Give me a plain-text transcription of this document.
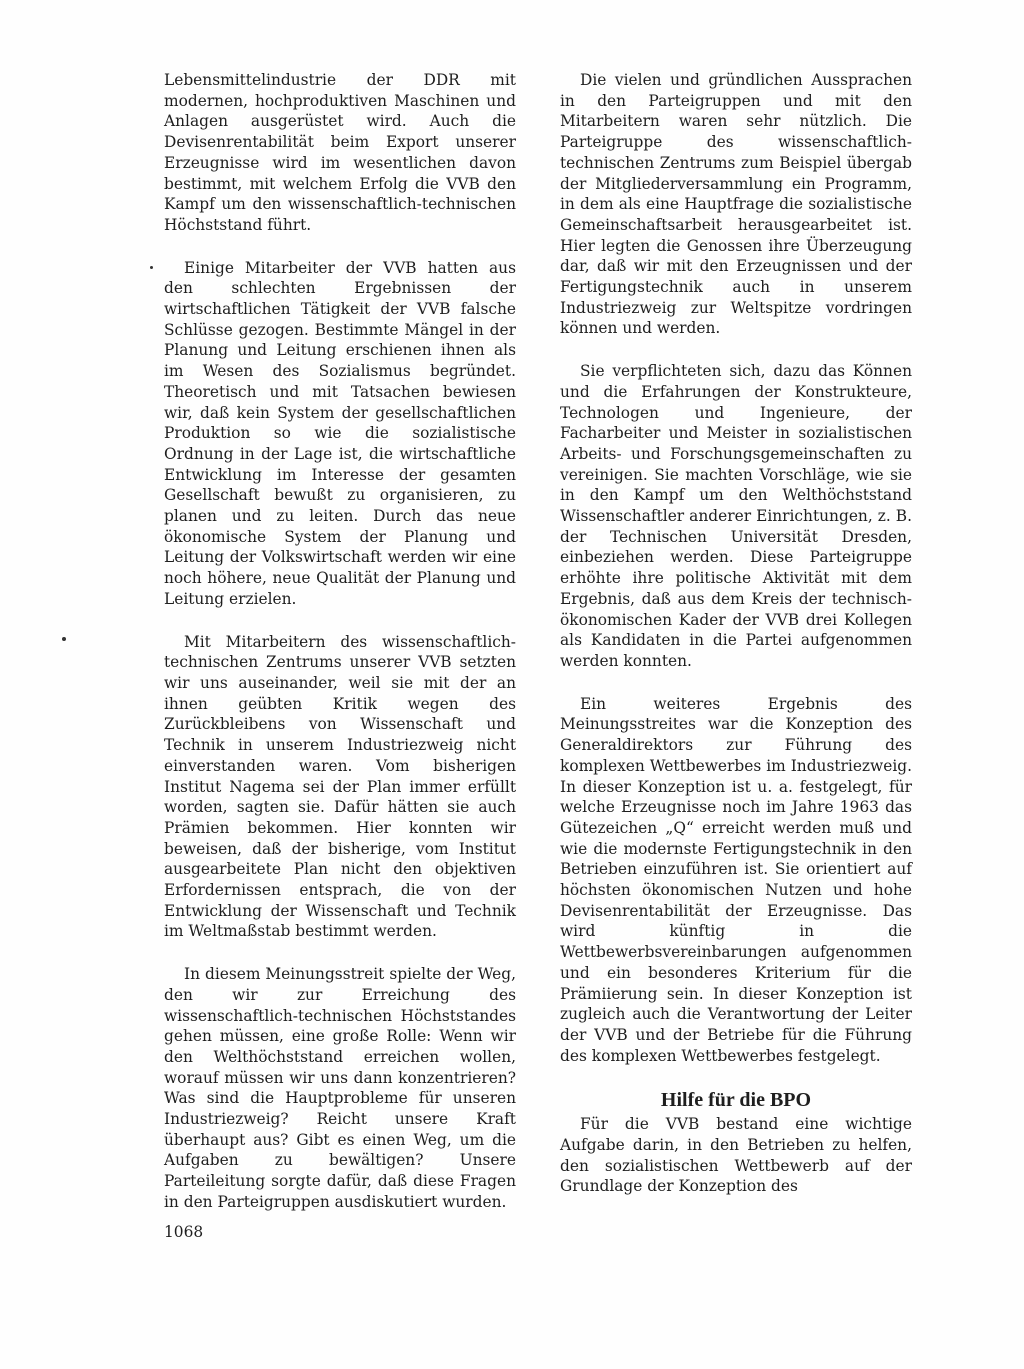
Lebensmittelindustrie der DDR mit modernen, hochproduktiven Maschinen und Anlagen ausgerüstet wird. Auch die Devisenrentabilität beim Export unserer Erzeugnisse wird im wesentlichen davon bestimmt, mit welchem Erfolg die VVB den Kampf um den wissenschaftlich-technischen Höchststand führt.

Einige Mitarbeiter der VVB hatten aus den schlechten Ergebnissen der wirtschaftlichen Tätigkeit der VVB falsche Schlüsse gezogen. Bestimmte Mängel in der Planung und Leitung erschienen ihnen als im Wesen des Sozialismus begründet. Theoretisch und mit Tatsachen bewiesen wir, daß kein System der gesellschaftlichen Produktion so wie die sozialistische Ordnung in der Lage ist, die wirtschaftliche Entwicklung im Interesse der gesamten Gesellschaft bewußt zu organisieren, zu planen und zu leiten. Durch das neue ökonomische System der Planung und Leitung der Volkswirtschaft werden wir eine noch höhere, neue Qualität der Planung und Leitung erzielen.

Mit Mitarbeitern des wissenschaftlich-technischen Zentrums unserer VVB setzten wir uns auseinander, weil sie mit der an ihnen geübten Kritik wegen des Zurückbleibens von Wissenschaft und Technik in unserem Industriezweig nicht einverstanden waren. Vom bisherigen Institut Nagema sei der Plan immer erfüllt worden, sagten sie. Dafür hätten sie auch Prämien bekommen. Hier konnten wir beweisen, daß der bisherige, vom Institut ausgearbeitete Plan nicht den objektiven Erfordernissen entsprach, die von der Entwicklung der Wissenschaft und Technik im Weltmaßstab bestimmt werden.

In diesem Meinungsstreit spielte der Weg, den wir zur Erreichung des wissenschaftlich-technischen Höchststandes gehen müssen, eine große Rolle: Wenn wir den Welthöchststand erreichen wollen, worauf müssen wir uns dann konzentrieren? Was sind die Hauptprobleme für unseren Industriezweig? Reicht unsere Kraft überhaupt aus? Gibt es einen Weg, um die Aufgaben zu bewältigen? Unsere Parteileitung sorgte dafür, daß diese Fragen in den Parteigruppen ausdiskutiert wurden.

Die vielen und gründlichen Aussprachen in den Parteigruppen und mit den Mitarbeitern waren sehr nützlich. Die Parteigruppe des wissenschaftlich-technischen Zentrums zum Beispiel übergab der Mitgliederversammlung ein Programm, in dem als eine Hauptfrage die sozialistische Gemeinschaftsarbeit herausgearbeitet ist. Hier legten die Genossen ihre Überzeugung dar, daß wir mit den Erzeugnissen und der Fertigungstechnik auch in unserem Industriezweig zur Weltspitze vordringen können und werden.

Sie verpflichteten sich, dazu das Können und die Erfahrungen der Konstrukteure, Technologen und Ingenieure, der Facharbeiter und Meister in sozialistischen Arbeits- und Forschungsgemeinschaften zu vereinigen. Sie machten Vorschläge, wie sie in den Kampf um den Welthöchststand Wissenschaftler anderer Einrichtungen, z. B. der Technischen Universität Dresden, einbeziehen werden. Diese Parteigruppe erhöhte ihre politische Aktivität mit dem Ergebnis, daß aus dem Kreis der technisch-ökonomischen Kader der VVB drei Kollegen als Kandidaten in die Partei aufgenommen werden konnten.

Ein weiteres Ergebnis des Meinungsstreites war die Konzeption des Generaldirektors zur Führung des komplexen Wettbewerbes im Industriezweig. In dieser Konzeption ist u. a. festgelegt, für welche Erzeugnisse noch im Jahre 1963 das Gütezeichen „Q“ erreicht werden muß und wie die modernste Fertigungstechnik in den Betrieben einzuführen ist. Sie orientiert auf höchsten ökonomischen Nutzen und hohe Devisenrentabilität der Erzeugnisse. Das wird künftig in die Wettbewerbsvereinbarungen aufgenommen und ein besonderes Kriterium für die Prämiierung sein. In dieser Konzeption ist zugleich auch die Verantwortung der Leiter der VVB und der Betriebe für die Führung des komplexen Wettbewerbes festgelegt.

Hilfe für die BPO

Für die VVB bestand eine wichtige Aufgabe darin, in den Betrieben zu helfen, den sozialistischen Wettbewerb auf der Grundlage der Konzeption des

1068
